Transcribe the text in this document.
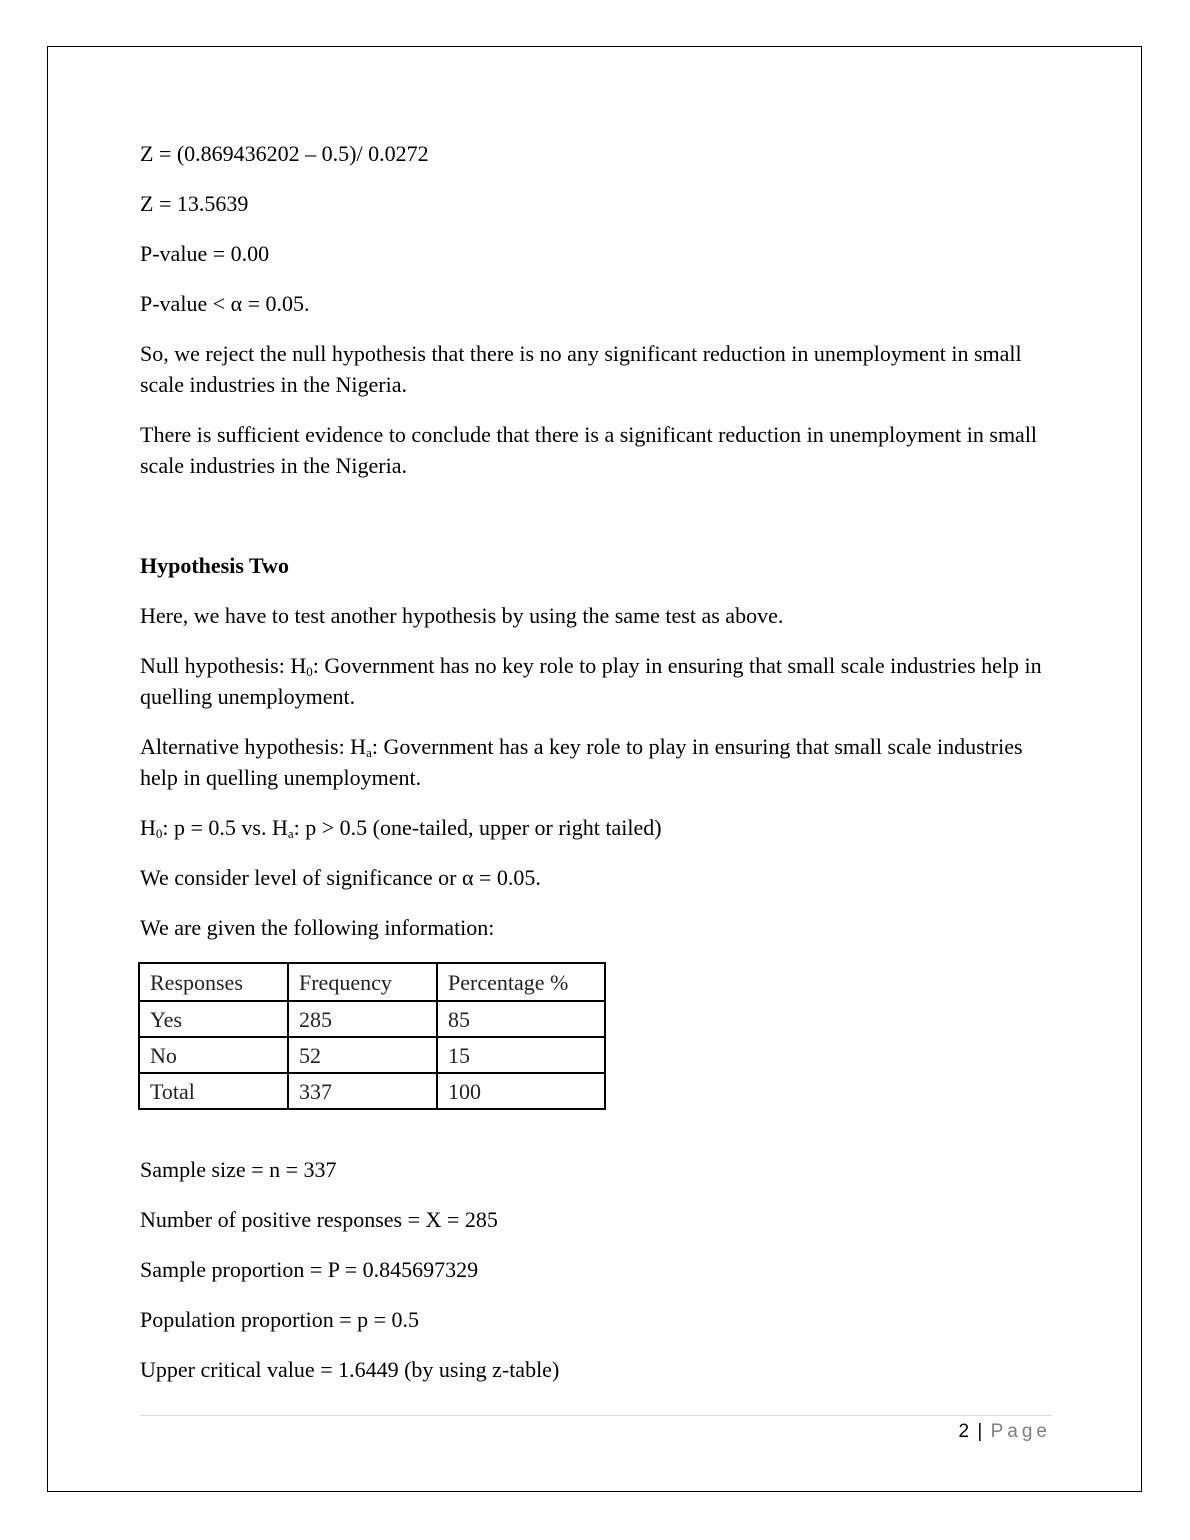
Z = (0.869436202 – 0.5)/ 0.0272

Z = 13.5639

P-value = 0.00

P-value < α = 0.05.

So, we reject the null hypothesis that there is no any significant reduction in unemployment in small scale industries in the Nigeria.

There is sufficient evidence to conclude that there is a significant reduction in unemployment in small scale industries in the Nigeria.

Hypothesis Two

Here, we have to test another hypothesis by using the same test as above.

Null hypothesis: $H_0$: Government has no key role to play in ensuring that small scale industries help in quelling unemployment.

Alternative hypothesis: $H_a$: Government has a key role to play in ensuring that small scale industries help in quelling unemployment.

$H_0$: p = 0.5 vs. $H_a$: p > 0.5 (one-tailed, upper or right tailed)

We consider level of significance or α = 0.05.

We are given the following information:

Responses	Frequency	Percentage %
Yes	285	85
No	52	15
Total	337	100

Sample size = n = 337

Number of positive responses = X = 285

Sample proportion = P = 0.845697329

Population proportion = p = 0.5

Upper critical value = 1.6449 (by using z-table)

2 | Page
